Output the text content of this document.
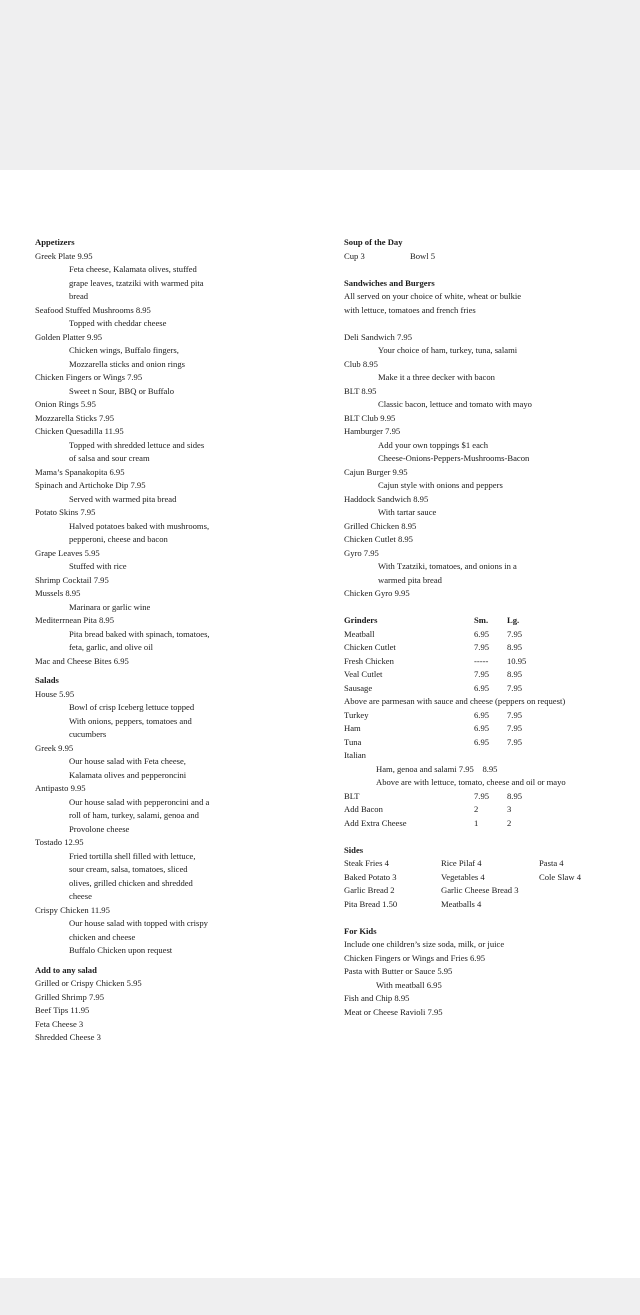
Appetizers
Greek Plate 9.95
Feta cheese, Kalamata olives, stuffed
grape leaves, tzatziki with warmed pita
bread
Seafood Stuffed Mushrooms 8.95
Topped with cheddar cheese
Golden Platter 9.95
Chicken wings, Buffalo fingers,
Mozzarella sticks and onion rings
Chicken Fingers or Wings 7.95
Sweet n Sour, BBQ or Buffalo
Onion Rings 5.95
Mozzarella Sticks 7.95
Chicken Quesadilla 11.95
Topped with shredded lettuce and sides
of salsa and sour cream
Mama’s Spanakopita 6.95
Spinach and Artichoke Dip 7.95
Served with warmed pita bread
Potato Skins 7.95
Halved potatoes baked with mushrooms,
pepperoni, cheese and bacon
Grape Leaves 5.95
Stuffed with rice
Shrimp Cocktail 7.95
Mussels 8.95
Marinara or garlic wine
Mediterrnean Pita 8.95
Pita bread baked with spinach, tomatoes,
feta, garlic, and olive oil
Mac and Cheese Bites 6.95
Salads
House 5.95
Bowl of crisp Iceberg lettuce topped
With onions, peppers, tomatoes and
cucumbers
Greek 9.95
Our house salad with Feta cheese,
Kalamata olives and pepperoncini
Antipasto 9.95
Our house salad with pepperoncini and a
roll of ham, turkey, salami, genoa and
Provolone cheese
Tostado 12.95
Fried tortilla shell filled with lettuce,
sour cream, salsa, tomatoes, sliced
olives, grilled chicken and shredded
cheese
Crispy Chicken 11.95
Our house salad with topped with crispy
chicken and cheese
Buffalo Chicken upon request
Add to any salad
Grilled or Crispy Chicken 5.95
Grilled Shrimp 7.95
Beef Tips 11.95
Feta Cheese 3
Shredded Cheese 3
Soup of the Day
Cup 3	Bowl 5
Sandwiches and Burgers
All served on your choice of white, wheat or bulkie
with lettuce, tomatoes and french fries
Deli Sandwich 7.95
Your choice of ham, turkey, tuna, salami
Club 8.95
Make it a three decker with bacon
BLT 8.95
Classic bacon, lettuce and tomato with mayo
BLT Club 9.95
Hamburger 7.95
Add your own toppings $1 each
Cheese-Onions-Peppers-Mushrooms-Bacon
Cajun Burger 9.95
Cajun style with onions and peppers
Haddock Sandwich 8.95
With tartar sauce
Grilled Chicken 8.95
Chicken Cutlet 8.95
Gyro 7.95
With Tzatziki, tomatoes, and onions in a
warmed pita bread
Chicken Gyro 9.95
Grinders	Sm. Lg.
Meatball	6.95 7.95
Chicken Cutlet	7.95 8.95
Fresh Chicken	----- 10.95
Veal Cutlet	7.95 8.95
Sausage	6.95 7.95
Above are parmesan with sauce and cheese (peppers on request)
Turkey	6.95 7.95
Ham	6.95 7.95
Tuna	6.95 7.95
Italian
Ham, genoa and salami 7.95    8.95
Above are with lettuce, tomato, cheese and oil or mayo
BLT	7.95 8.95
Add Bacon	2	3
Add Extra Cheese	1	2
Sides
Steak Fries 4	Rice Pilaf 4	Pasta 4
Baked Potato 3	Vegetables 4	Cole Slaw 4
Garlic Bread 2	Garlic Cheese Bread 3
Pita Bread 1.50	Meatballs 4
For Kids
Include one children’s size soda, milk, or juice
Chicken Fingers or Wings and Fries 6.95
Pasta with Butter or Sauce 5.95
With meatball 6.95
Fish and Chip 8.95
Meat or Cheese Ravioli 7.95
